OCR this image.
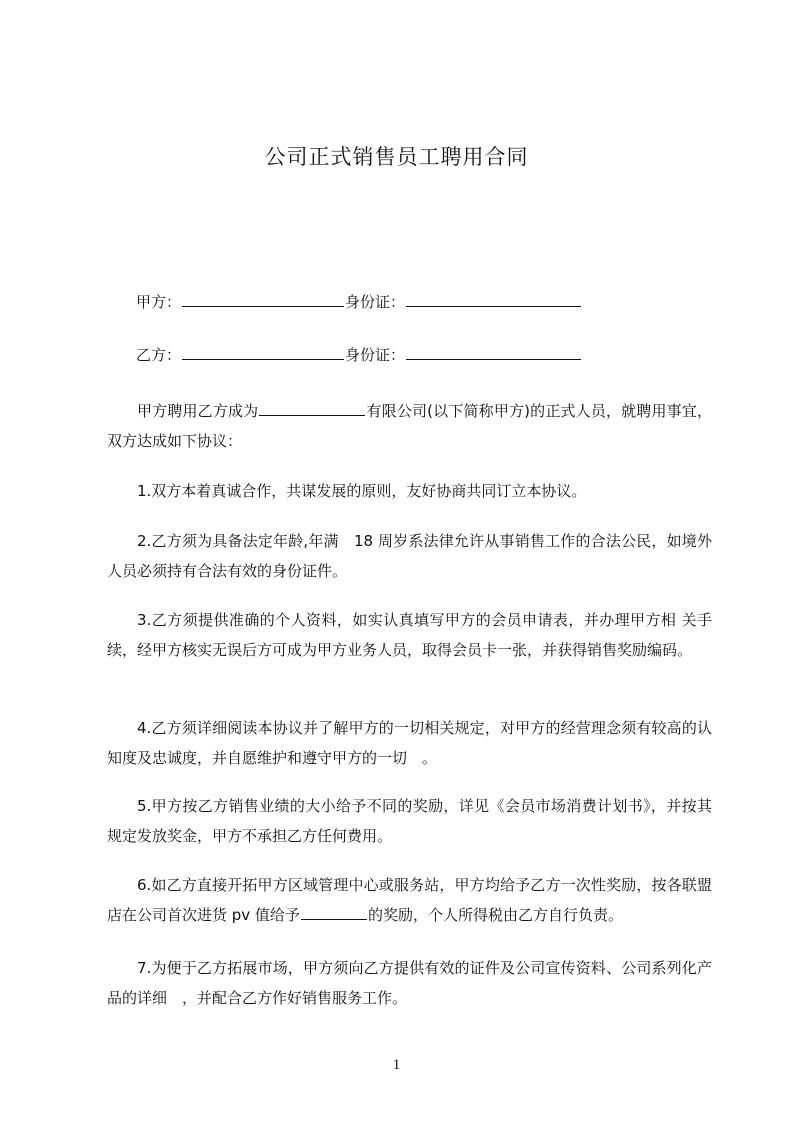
公司正式销售员工聘用合同
甲方：	身份证：
乙方：	身份证：

甲方聘用乙方成为	有限公司(以下简称甲方)的正式人员，就聘用事宜，双方达成如下协议：

1.双方本着真诚合作，共谋发展的原则，友好协商共同订立本协议。

2.乙方须为具备法定年龄,年满　18 周岁系法律允许从事销售工作的合法公民，如境外人员必须持有合法有效的身份证件。

3.乙方须提供准确的个人资料，如实认真填写甲方的会员申请表，并办理甲方相 关手续，经甲方核实无误后方可成为甲方业务人员，取得会员卡一张，并获得销售奖励编码。

4.乙方须详细阅读本协议并了解甲方的一切相关规定，对甲方的经营理念须有较高的认知度及忠诚度，并自愿维护和遵守甲方的一切　。

5.甲方按乙方销售业绩的大小给予不同的奖励，详见《会员市场消费计划书》，并按其规定发放奖金，甲方不承担乙方任何费用。

6.如乙方直接开拓甲方区域管理中心或服务站，甲方均给予乙方一次性奖励，按各联盟店在公司首次进货 pv 值给予	的奖励，个人所得税由乙方自行负责。

7.为便于乙方拓展市场，甲方须向乙方提供有效的证件及公司宣传资料、公司系列化产品的详细　，并配合乙方作好销售服务工作。

1
